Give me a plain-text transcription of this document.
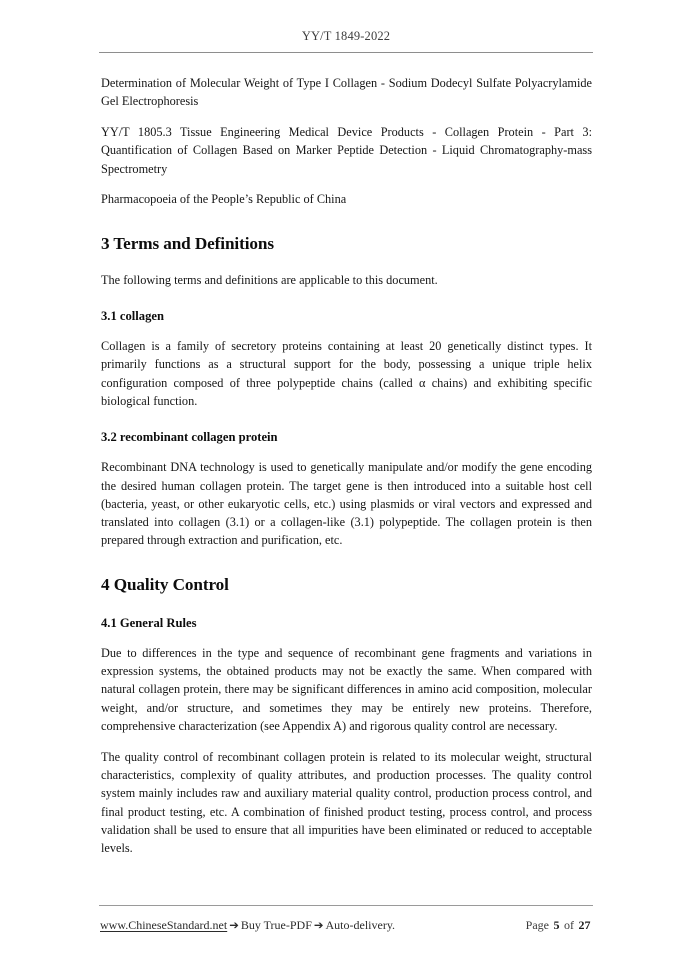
YY/T 1849-2022

Determination of Molecular Weight of Type I Collagen - Sodium Dodecyl Sulfate Polyacrylamide Gel Electrophoresis

YY/T 1805.3 Tissue Engineering Medical Device Products - Collagen Protein - Part 3: Quantification of Collagen Based on Marker Peptide Detection - Liquid Chromatography-mass Spectrometry

Pharmacopoeia of the People’s Republic of China

3 Terms and Definitions

The following terms and definitions are applicable to this document.

3.1 collagen

Collagen is a family of secretory proteins containing at least 20 genetically distinct types. It primarily functions as a structural support for the body, possessing a unique triple helix configuration composed of three polypeptide chains (called α chains) and exhibiting specific biological function.

3.2 recombinant collagen protein

Recombinant DNA technology is used to genetically manipulate and/or modify the gene encoding the desired human collagen protein. The target gene is then introduced into a suitable host cell (bacteria, yeast, or other eukaryotic cells, etc.) using plasmids or viral vectors and expressed and translated into collagen (3.1) or a collagen-like (3.1) polypeptide. The collagen protein is then prepared through extraction and purification, etc.

4 Quality Control
4.1 General Rules

Due to differences in the type and sequence of recombinant gene fragments and variations in expression systems, the obtained products may not be exactly the same. When compared with natural collagen protein, there may be significant differences in amino acid composition, molecular weight, and/or structure, and sometimes they may be entirely new proteins. Therefore, comprehensive characterization (see Appendix A) and rigorous quality control are necessary.

The quality control of recombinant collagen protein is related to its molecular weight, structural characteristics, complexity of quality attributes, and production processes. The quality control system mainly includes raw and auxiliary material quality control, production process control, and final product testing, etc. A combination of finished product testing, process control, and process validation shall be used to ensure that all impurities have been eliminated or reduced to acceptable levels.

www.ChineseStandard.net ➔ Buy True-PDF ➔ Auto-delivery.	Page 5 of 27
